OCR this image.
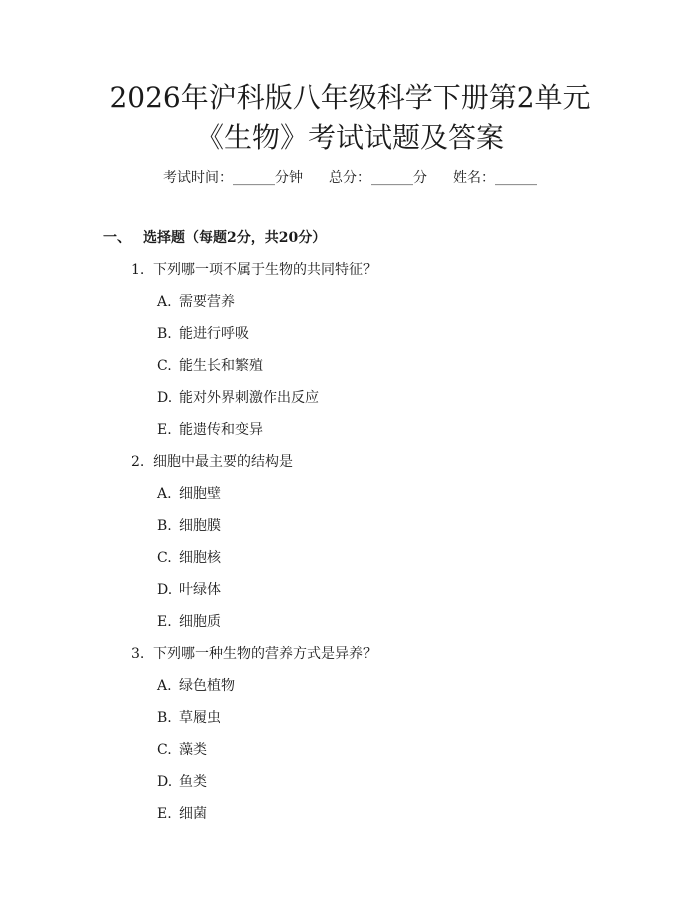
2026年沪科版八年级科学下册第2单元《生物》考试试题及答案
考试时间：______分钟 总分：______分 姓名：______
一、 选择题（每题2分，共20分）
1. 下列哪一项不属于生物的共同特征？
A. 需要营养
B. 能进行呼吸
C. 能生长和繁殖
D. 能对外界刺激作出反应
E. 能遗传和变异
2. 细胞中最主要的结构是
A. 细胞壁
B. 细胞膜
C. 细胞核
D. 叶绿体
E. 细胞质
3. 下列哪一种生物的营养方式是异养？
A. 绿色植物
B. 草履虫
C. 藻类
D. 鱼类
E. 细菌
